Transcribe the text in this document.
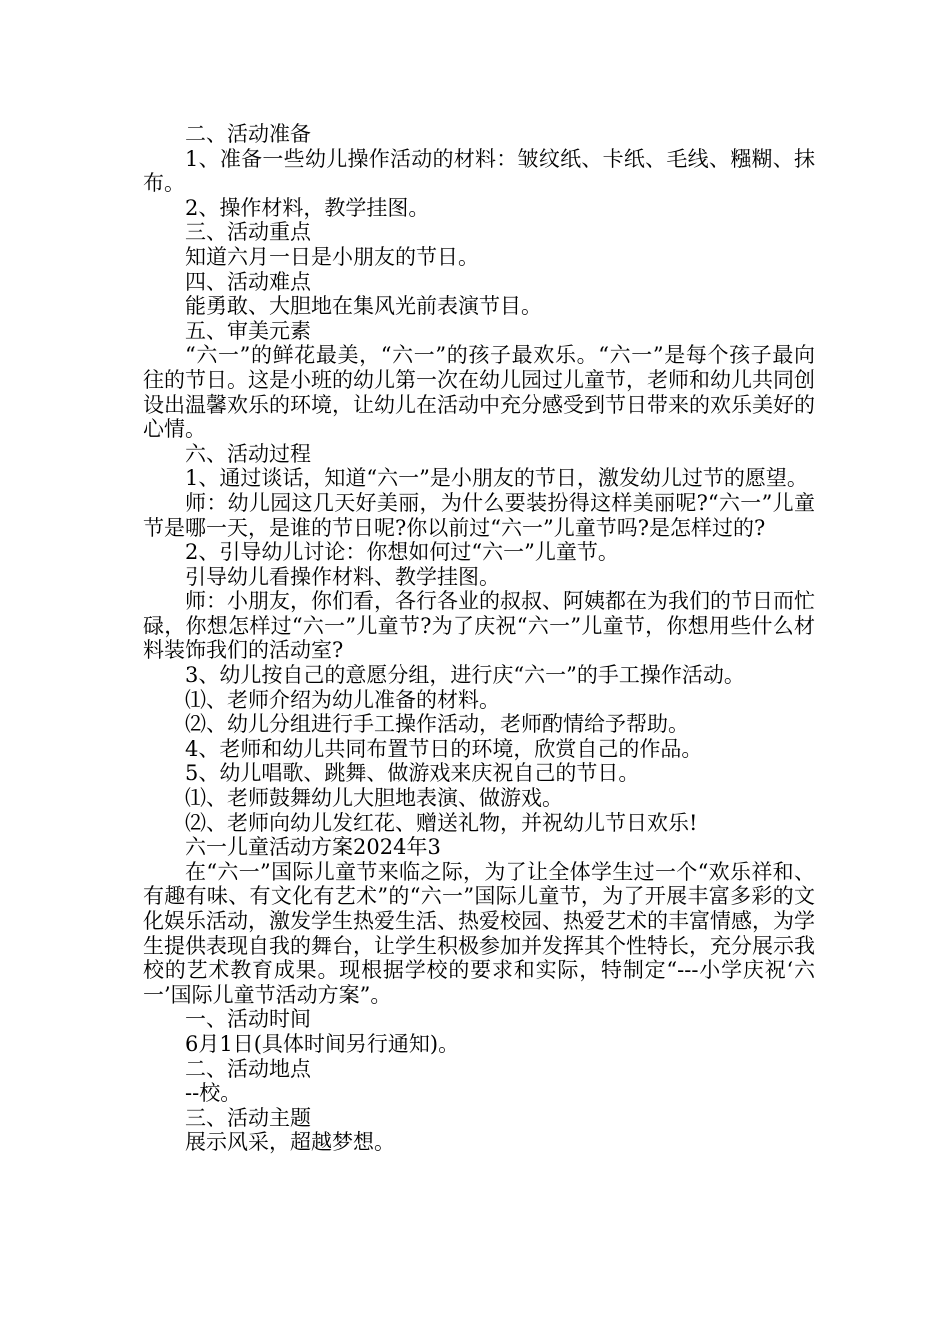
二、活动准备

1、准备一些幼儿操作活动的材料：皱纹纸、卡纸、毛线、糨糊、抹布。

2、操作材料，教学挂图。

三、活动重点

知道六月一日是小朋友的节日。

四、活动难点

能勇敢、大胆地在集风光前表演节目。

五、审美元素

“六一”的鲜花最美，“六一”的孩子最欢乐。“六一”是每个孩子最向往的节日。这是小班的幼儿第一次在幼儿园过儿童节，老师和幼儿共同创设出温馨欢乐的环境，让幼儿在活动中充分感受到节日带来的欢乐美好的心情。

六、活动过程

1、通过谈话，知道“六一”是小朋友的节日，激发幼儿过节的愿望。

师：幼儿园这几天好美丽，为什么要装扮得这样美丽呢?“六一”儿童节是哪一天，是谁的节日呢?你以前过“六一”儿童节吗?是怎样过的?

2、引导幼儿讨论：你想如何过“六一”儿童节。

引导幼儿看操作材料、教学挂图。

师：小朋友，你们看，各行各业的叔叔、阿姨都在为我们的节日而忙碌，你想怎样过“六一”儿童节?为了庆祝“六一”儿童节，你想用些什么材料装饰我们的活动室?

3、幼儿按自己的意愿分组，进行庆“六一”的手工操作活动。

⑴、老师介绍为幼儿准备的材料。

⑵、幼儿分组进行手工操作活动，老师酌情给予帮助。

4、老师和幼儿共同布置节日的环境，欣赏自己的作品。

5、幼儿唱歌、跳舞、做游戏来庆祝自己的节日。

⑴、老师鼓舞幼儿大胆地表演、做游戏。

⑵、老师向幼儿发红花、赠送礼物，并祝幼儿节日欢乐!

六一儿童活动方案2024年3

在“六一”国际儿童节来临之际，为了让全体学生过一个“欢乐祥和、有趣有味、有文化有艺术”的“六一”国际儿童节，为了开展丰富多彩的文化娱乐活动，激发学生热爱生活、热爱校园、热爱艺术的丰富情感，为学生提供表现自我的舞台，让学生积极参加并发挥其个性特长，充分展示我校的艺术教育成果。现根据学校的要求和实际，特制定“---小学庆祝‘六一’国际儿童节活动方案”。

一、活动时间

6月1日(具体时间另行通知)。

二、活动地点

--校。

三、活动主题

展示风采，超越梦想。
